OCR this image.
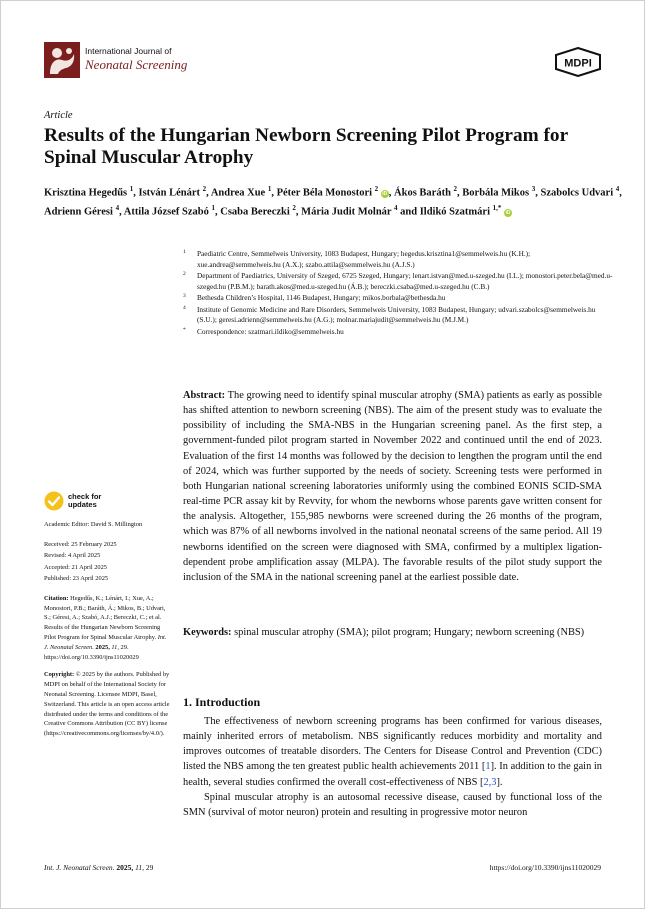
International Journal of
Neonatal Screening	MDPI
Article
Results of the Hungarian Newborn Screening Pilot Program for Spinal Muscular Atrophy
Krisztina Hegedűs $^1$, István Lénárt $^2$, Andrea Xue $^1$, Péter Béla Monostori $^2$ iD , Ákos Baráth $^2$, Borbála Mikos $^3$, Szabolcs Udvari $^4$, Adrienn Géresi $^4$, Attila József Szabó $^1$, Csaba Bereczki $^2$, Mária Judit Molnár $^4$ and Ildikó Szatmári $^{1,*}$ iD
1 Paediatric Centre, Semmelweis University, 1083 Budapest, Hungary; hegedus.krisztina1@semmelweis.hu (K.H.); xue.andrea@semmelweis.hu (A.X.); szabo.attila@semmelweis.hu (A.J.S.)
2 Department of Paediatrics, University of Szeged, 6725 Szeged, Hungary; lenart.istvan@med.u-szeged.hu (I.L.); monostori.peter.bela@med.u-szeged.hu (P.B.M.); barath.akos@med.u-szeged.hu (Á.B.); bereczki.csaba@med.u-szeged.hu (C.B.)
3 Bethesda Children’s Hospital, 1146 Budapest, Hungary; mikos.borbala@bethesda.hu
4 Institute of Genomic Medicine and Rare Disorders, Semmelweis University, 1083 Budapest, Hungary; udvari.szabolcs@semmelweis.hu (S.U.); geresi.adrienn@semmelweis.hu (A.G.); molnar.mariajudit@semmelweis.hu (M.J.M.)
* Correspondence: szatmari.ildiko@semmelweis.hu
check for
updates
Academic Editor: David S. Millington
Received: 25 February 2025
Revised: 4 April 2025
Accepted: 21 April 2025
Published: 23 April 2025
Citation: Hegedűs, K.; Lénárt, I.; Xue, A.; Monostori, P.B.; Baráth, Á.; Mikos, B.; Udvari, S.; Géresi, A.; Szabó, A.J.; Bereczki, C.; et al. Results of the Hungarian Newborn Screening Pilot Program for Spinal Muscular Atrophy. Int. J. Neonatal Screen. 2025, 11, 29. https://doi.org/10.3390/ijns11020029
Copyright: © 2025 by the authors. Published by MDPI on behalf of the International Society for Neonatal Screening. Licensee MDPI, Basel, Switzerland. This article is an open access article distributed under the terms and conditions of the Creative Commons Attribution (CC BY) license (https://creativecommons.org/licenses/by/4.0/).
Abstract: The growing need to identify spinal muscular atrophy (SMA) patients as early as possible has shifted attention to newborn screening (NBS). The aim of the present study was to evaluate the possibility of including the SMA-NBS in the Hungarian screening panel. As the first step, a government-funded pilot program started in November 2022 and continued until the end of 2023. Evaluation of the first 14 months was followed by the decision to lengthen the program until the end of 2024, which was further supported by the needs of society. Screening tests were performed in both Hungarian national screening laboratories uniformly using the combined EONIS SCID-SMA real-time PCR assay kit by Revvity, for whom the newborns whose parents gave written consent for the analysis. Altogether, 155,985 newborns were screened during the 26 months of the program, which was 87% of all newborns involved in the national neonatal screens of the same period. All 19 newborns identified on the screen were diagnosed with SMA, confirmed by a multiplex ligation-dependent probe amplification assay (MLPA). The favorable results of the pilot study support the inclusion of the SMA in the national screening panel at the earliest possible date.
Keywords: spinal muscular atrophy (SMA); pilot program; Hungary; newborn screening (NBS)
1. Introduction

The effectiveness of newborn screening programs has been confirmed for various diseases, mainly inherited errors of metabolism. NBS significantly reduces morbidity and mortality and improves outcomes of treatable disorders. The Centers for Disease Control and Prevention (CDC) listed the NBS among the ten greatest public health achievements 2011 [1]. In addition to the gain in health, several studies confirmed the overall cost-effectiveness of NBS [2,3].

Spinal muscular atrophy is an autosomal recessive disease, caused by functional loss of the SMN (survival of motor neuron) protein and resulting in progressive motor neuron

Int. J. Neonatal Screen. 2025, 11, 29	https://doi.org/10.3390/ijns11020029
